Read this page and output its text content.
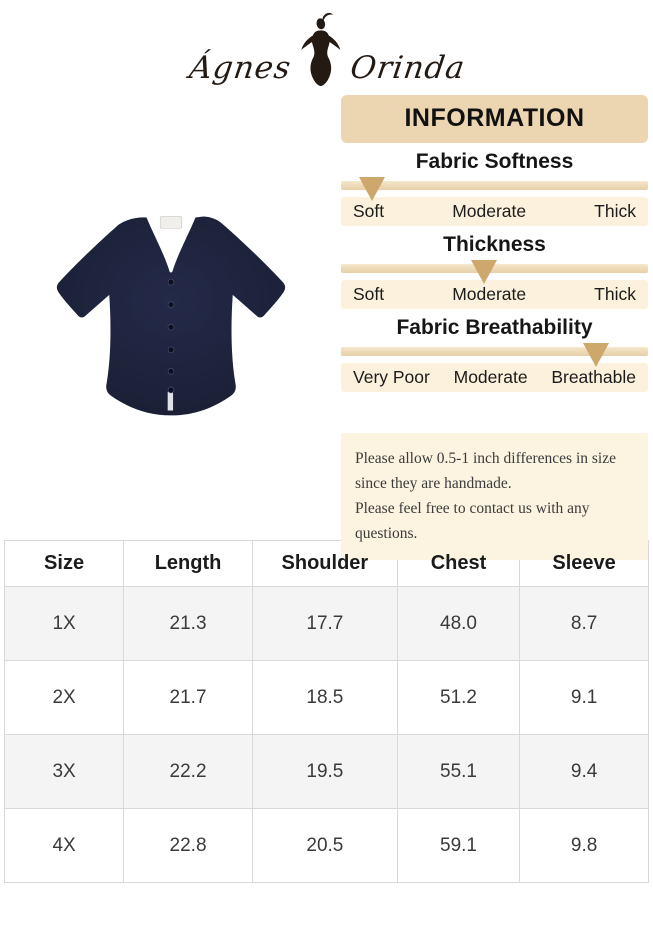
Ágnes Orinda
INFORMATION
Fabric Softness
Soft	Moderate	Thick
Thickness
Soft	Moderate	Thick
Fabric Breathability
Very Poor Moderate Breathable
Please allow 0.5-1 inch differences in size
since they are handmade.
Please feel free to contact us with any questions.
Size	Length	Shoulder	Chest	Sleeve
1X	21.3	17.7	48.0	8.7
2X	21.7	18.5	51.2	9.1
3X	22.2	19.5	55.1	9.4
4X	22.8	20.5	59.1	9.8
